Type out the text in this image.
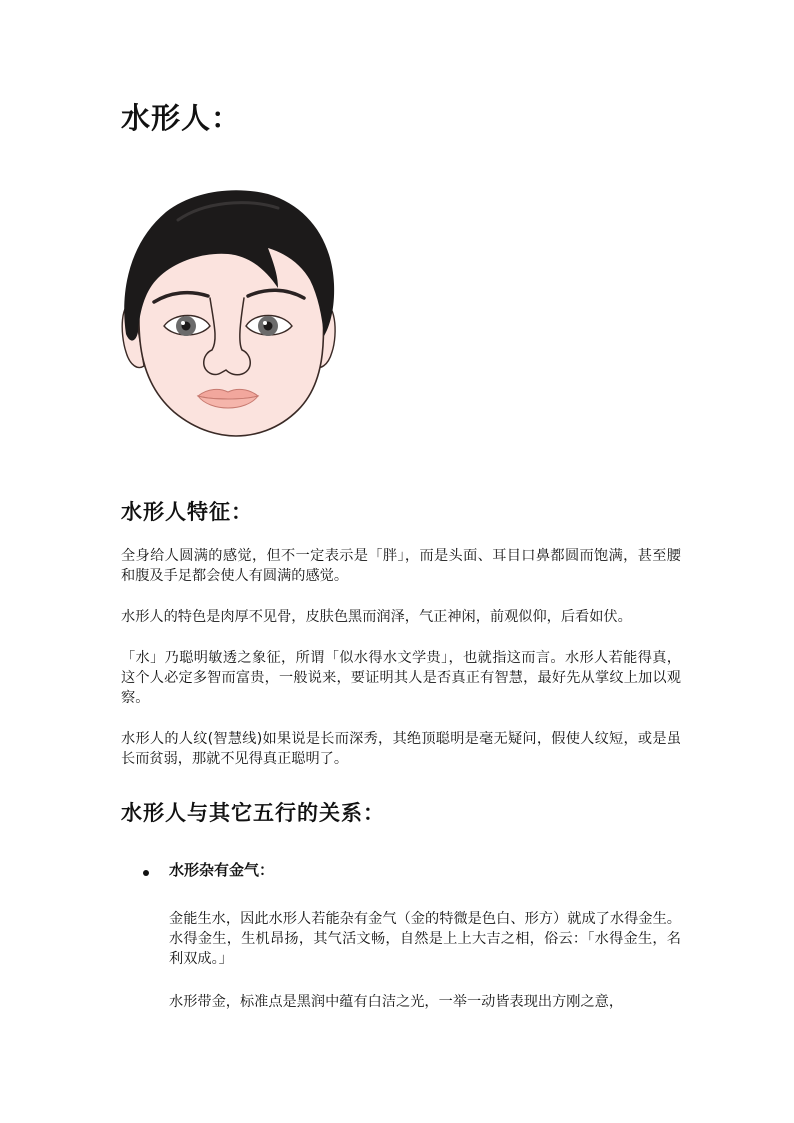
水形人：
水形人特征：

全身给人圆满的感觉，但不一定表示是「胖」，而是头面、耳目口鼻都圆而饱满，甚至腰和腹及手足都会使人有圆满的感觉。

水形人的特色是肉厚不见骨，皮肤色黑而润泽，气正神闲，前观似仰，后看如伏。

「水」乃聪明敏透之象征，所谓「似水得水文学贵」，也就指这而言。水形人若能得真，这个人必定多智而富贵，一般说来，要证明其人是否真正有智慧，最好先从掌纹上加以观察。

水形人的人纹(智慧线)如果说是长而深秀，其绝顶聪明是毫无疑问，假使人纹短，或是虽长而贫弱，那就不见得真正聪明了。

水形人与其它五行的关系：
水形杂有金气：

金能生水，因此水形人若能杂有金气（金的特微是色白、形方）就成了水得金生。水得金生，生机昂扬，其气活文畅，自然是上上大吉之相，俗云：「水得金生，名利双成。」

水形带金，标准点是黑润中蕴有白洁之光，一举一动皆表现出方刚之意，
